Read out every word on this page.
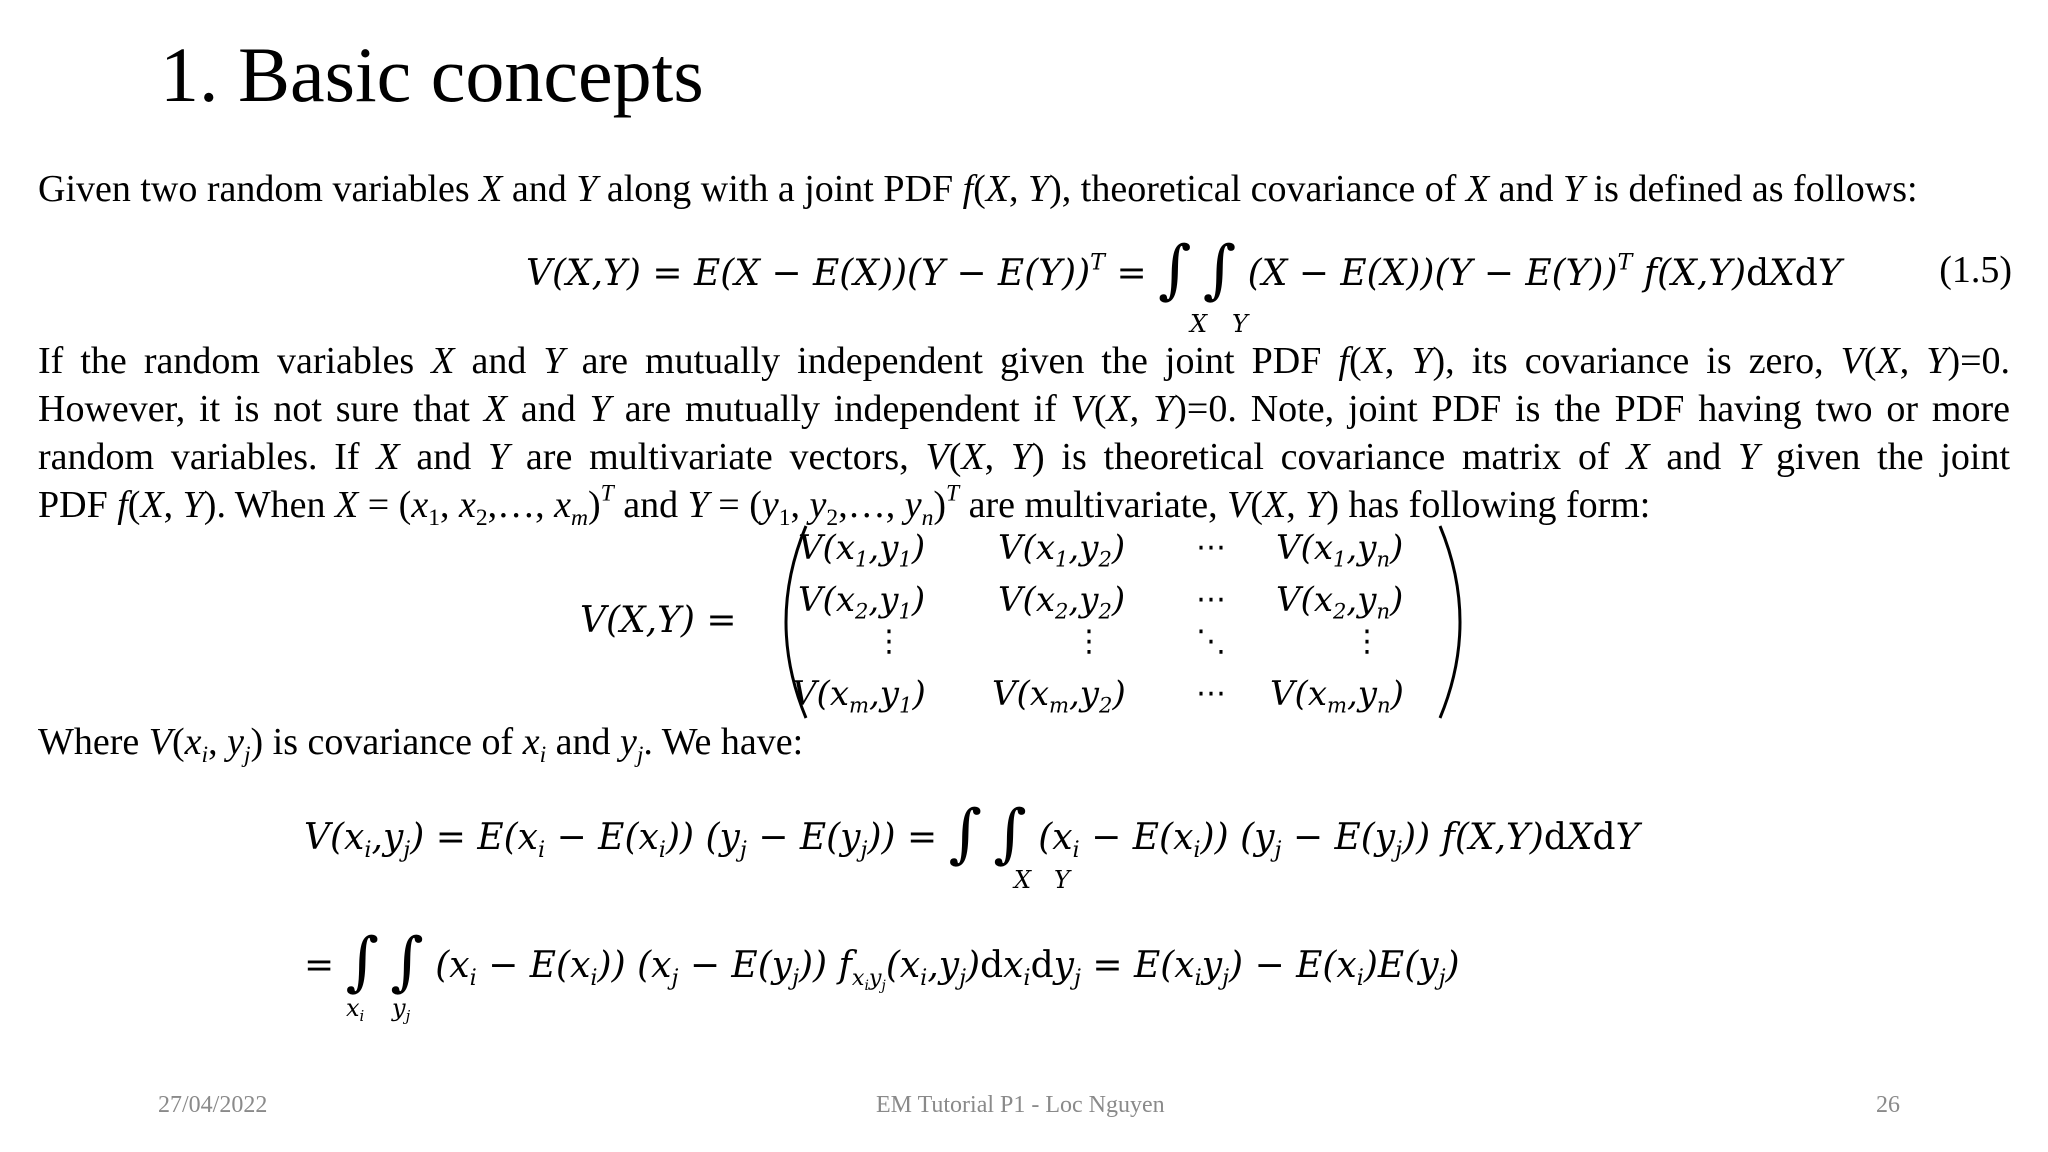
1. Basic concepts
Given two random variables X and Y along with a joint PDF f(X, Y), theoretical covariance of X and Y is defined as follows:
$V(X,Y) = E(X - E(X))(Y - E(Y))^T$ = ∫ ∫ $(X - E(X))(Y - E(Y))^T$ f(X,Y)dXdY
X Y
(1.5)
If the random variables X and Y are mutually independent given the joint PDF f(X, Y), its covariance is zero, V(X, Y)=0.
However, it is not sure that X and Y are mutually independent if V(X, Y)=0. Note, joint PDF is the PDF having two or more
random variables. If X and Y are multivariate vectors, V(X, Y) is theoretical covariance matrix of X and Y given the joint
PDF f(X, Y). When $X = (x_1$, $x_2,\dots$, $x_m)^T$ and $Y = (y_1$, $y_2,\dots$, $y_n)^T$ are multivariate, V(X, Y) has following form:
V(X,Y) =
$V(x_1,y_1)$ $V(x_1,y_2)$ ⋯ $V(x_1,y_n)$
$V(x_2,y_1)$ $V(x_2,y_2)$ ⋯ $V(x_2,y_n)$
⋮	⋮	⋱	⋮
$V(x_m,y_1)$ $V(x_m,y_2)$ ⋯ $V(x_m,y_n)$
Where $V(x_i$, $y_j$) is covariance of $x_i$ and $y_j$. We have:
$V(x_i,y_j) = E(x_i - E(x_i)) (y_j - E(y_j))$ = ∫ ∫ $(x_i - E(x_i)) (y_j - E(y_j))$ f(X,Y)dXdY
X Y
= ∫ ∫ $(x_i - E(x_i)) (x_j - E(y_j)) f_{x_iy_j}(x_i,y_j)dx_idy_j = E(x_iy_j) - E(x_i)E(y_j)$
$x_i$ $y_j$
27/04/2022	EM Tutorial P1 - Loc Nguyen	26
